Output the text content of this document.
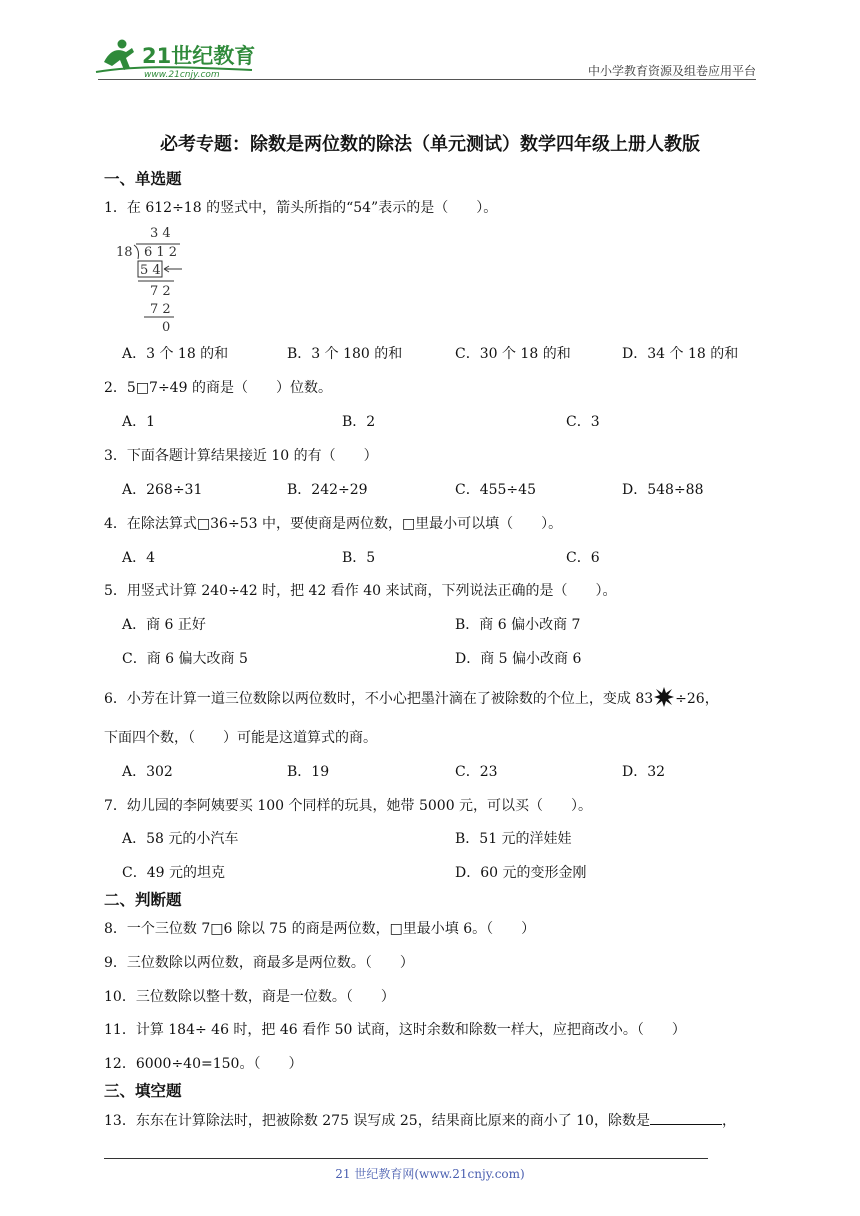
21世纪教育
www.21cnjy.com	中小学教育资源及组卷应用平台
必考专题：除数是两位数的除法（单元测试）数学四年级上册人教版
一、单选题
1．在 612÷18 的竖式中，箭头所指的“54”表示的是（　　）。
3 4
18 6 1 2
5 4
7 2
7 2
0
A．3 个 18 的和	B．3 个 180 的和	C．30 个 18 的和	D．34 个 18 的和
2．5□7÷49 的商是（　　）位数。
A．1	B．2	C．3
3．下面各题计算结果接近 10 的有（　　）
A．268÷31	B．242÷29	C．455÷45	D．548÷88
4．在除法算式□36÷53 中，要使商是两位数，□里最小可以填（　　）。
A．4	B．5	C．6
5．用竖式计算 240÷42 时，把 42 看作 40 来试商，下列说法正确的是（　　）。
A．商 6 正好	B．商 6 偏小改商 7
C．商 6 偏大改商 5	D．商 5 偏小改商 6
6．小芳在计算一道三位数除以两位数时，不小心把墨汁滴在了被除数的个位上，变成 83 ÷26，
下面四个数，（　　）可能是这道算式的商。
A．302	B．19	C．23	D．32
7．幼儿园的李阿姨要买 100 个同样的玩具，她带 5000 元，可以买（　　）。
A．58 元的小汽车	B．51 元的洋娃娃
C．49 元的坦克	D．60 元的变形金刚
二、判断题
8．一个三位数 7□6 除以 75 的商是两位数，□里最小填 6。（　　）
9．三位数除以两位数，商最多是两位数。（　　）
10．三位数除以整十数，商是一位数。（　　）
11．计算 184÷ 46 时，把 46 看作 50 试商，这时余数和除数一样大，应把商改小。（　　）
12．6000÷40=150。（　　）
三、填空题
13．东东在计算除法时，把被除数 275 误写成 25，结果商比原来的商小了 10，除数是	，
21 世纪教育网(www.21cnjy.com)
